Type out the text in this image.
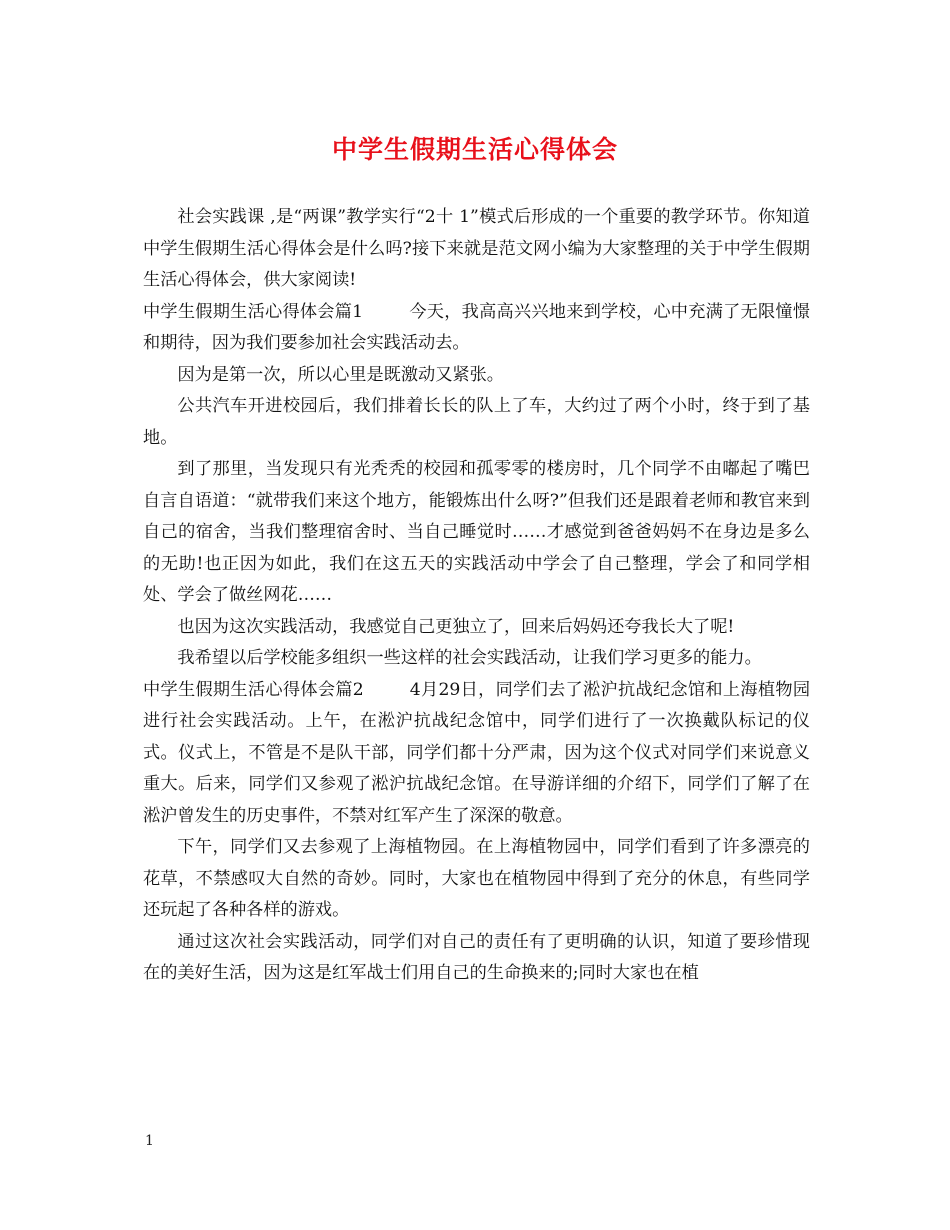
中学生假期生活心得体会

社会实践课 ,是“两课”教学实行“2十 1”模式后形成的一个重要的教学环节。你知道中学生假期生活心得体会是什么吗?接下来就是范文网小编为大家整理的关于中学生假期生活心得体会，供大家阅读!

中学生假期生活心得体会篇1	今天，我高高兴兴地来到学校，心中充满了无限憧憬和期待，因为我们要参加社会实践活动去。

因为是第一次，所以心里是既激动又紧张。

公共汽车开进校园后，我们排着长长的队上了车，大约过了两个小时，终于到了基地。

到了那里，当发现只有光秃秃的校园和孤零零的楼房时，几个同学不由嘟起了嘴巴自言自语道：“就带我们来这个地方，能锻炼出什么呀?”但我们还是跟着老师和教官来到自己的宿舍，当我们整理宿舍时、当自己睡觉时……才感觉到爸爸妈妈不在身边是多么的无助!也正因为如此，我们在这五天的实践活动中学会了自己整理，学会了和同学相处、学会了做丝网花……

也因为这次实践活动，我感觉自己更独立了，回来后妈妈还夸我长大了呢!

我希望以后学校能多组织一些这样的社会实践活动，让我们学习更多的能力。

中学生假期生活心得体会篇2	4月29日，同学们去了淞沪抗战纪念馆和上海植物园进行社会实践活动。上午，在淞沪抗战纪念馆中，同学们进行了一次换戴队标记的仪式。仪式上，不管是不是队干部，同学们都十分严肃，因为这个仪式对同学们来说意义重大。后来，同学们又参观了淞沪抗战纪念馆。在导游详细的介绍下，同学们了解了在淞沪曾发生的历史事件，不禁对红军产生了深深的敬意。

下午，同学们又去参观了上海植物园。在上海植物园中，同学们看到了许多漂亮的花草，不禁感叹大自然的奇妙。同时，大家也在植物园中得到了充分的休息，有些同学还玩起了各种各样的游戏。

通过这次社会实践活动，同学们对自己的责任有了更明确的认识，知道了要珍惜现在的美好生活，因为这是红军战士们用自己的生命换来的;同时大家也在植

1
